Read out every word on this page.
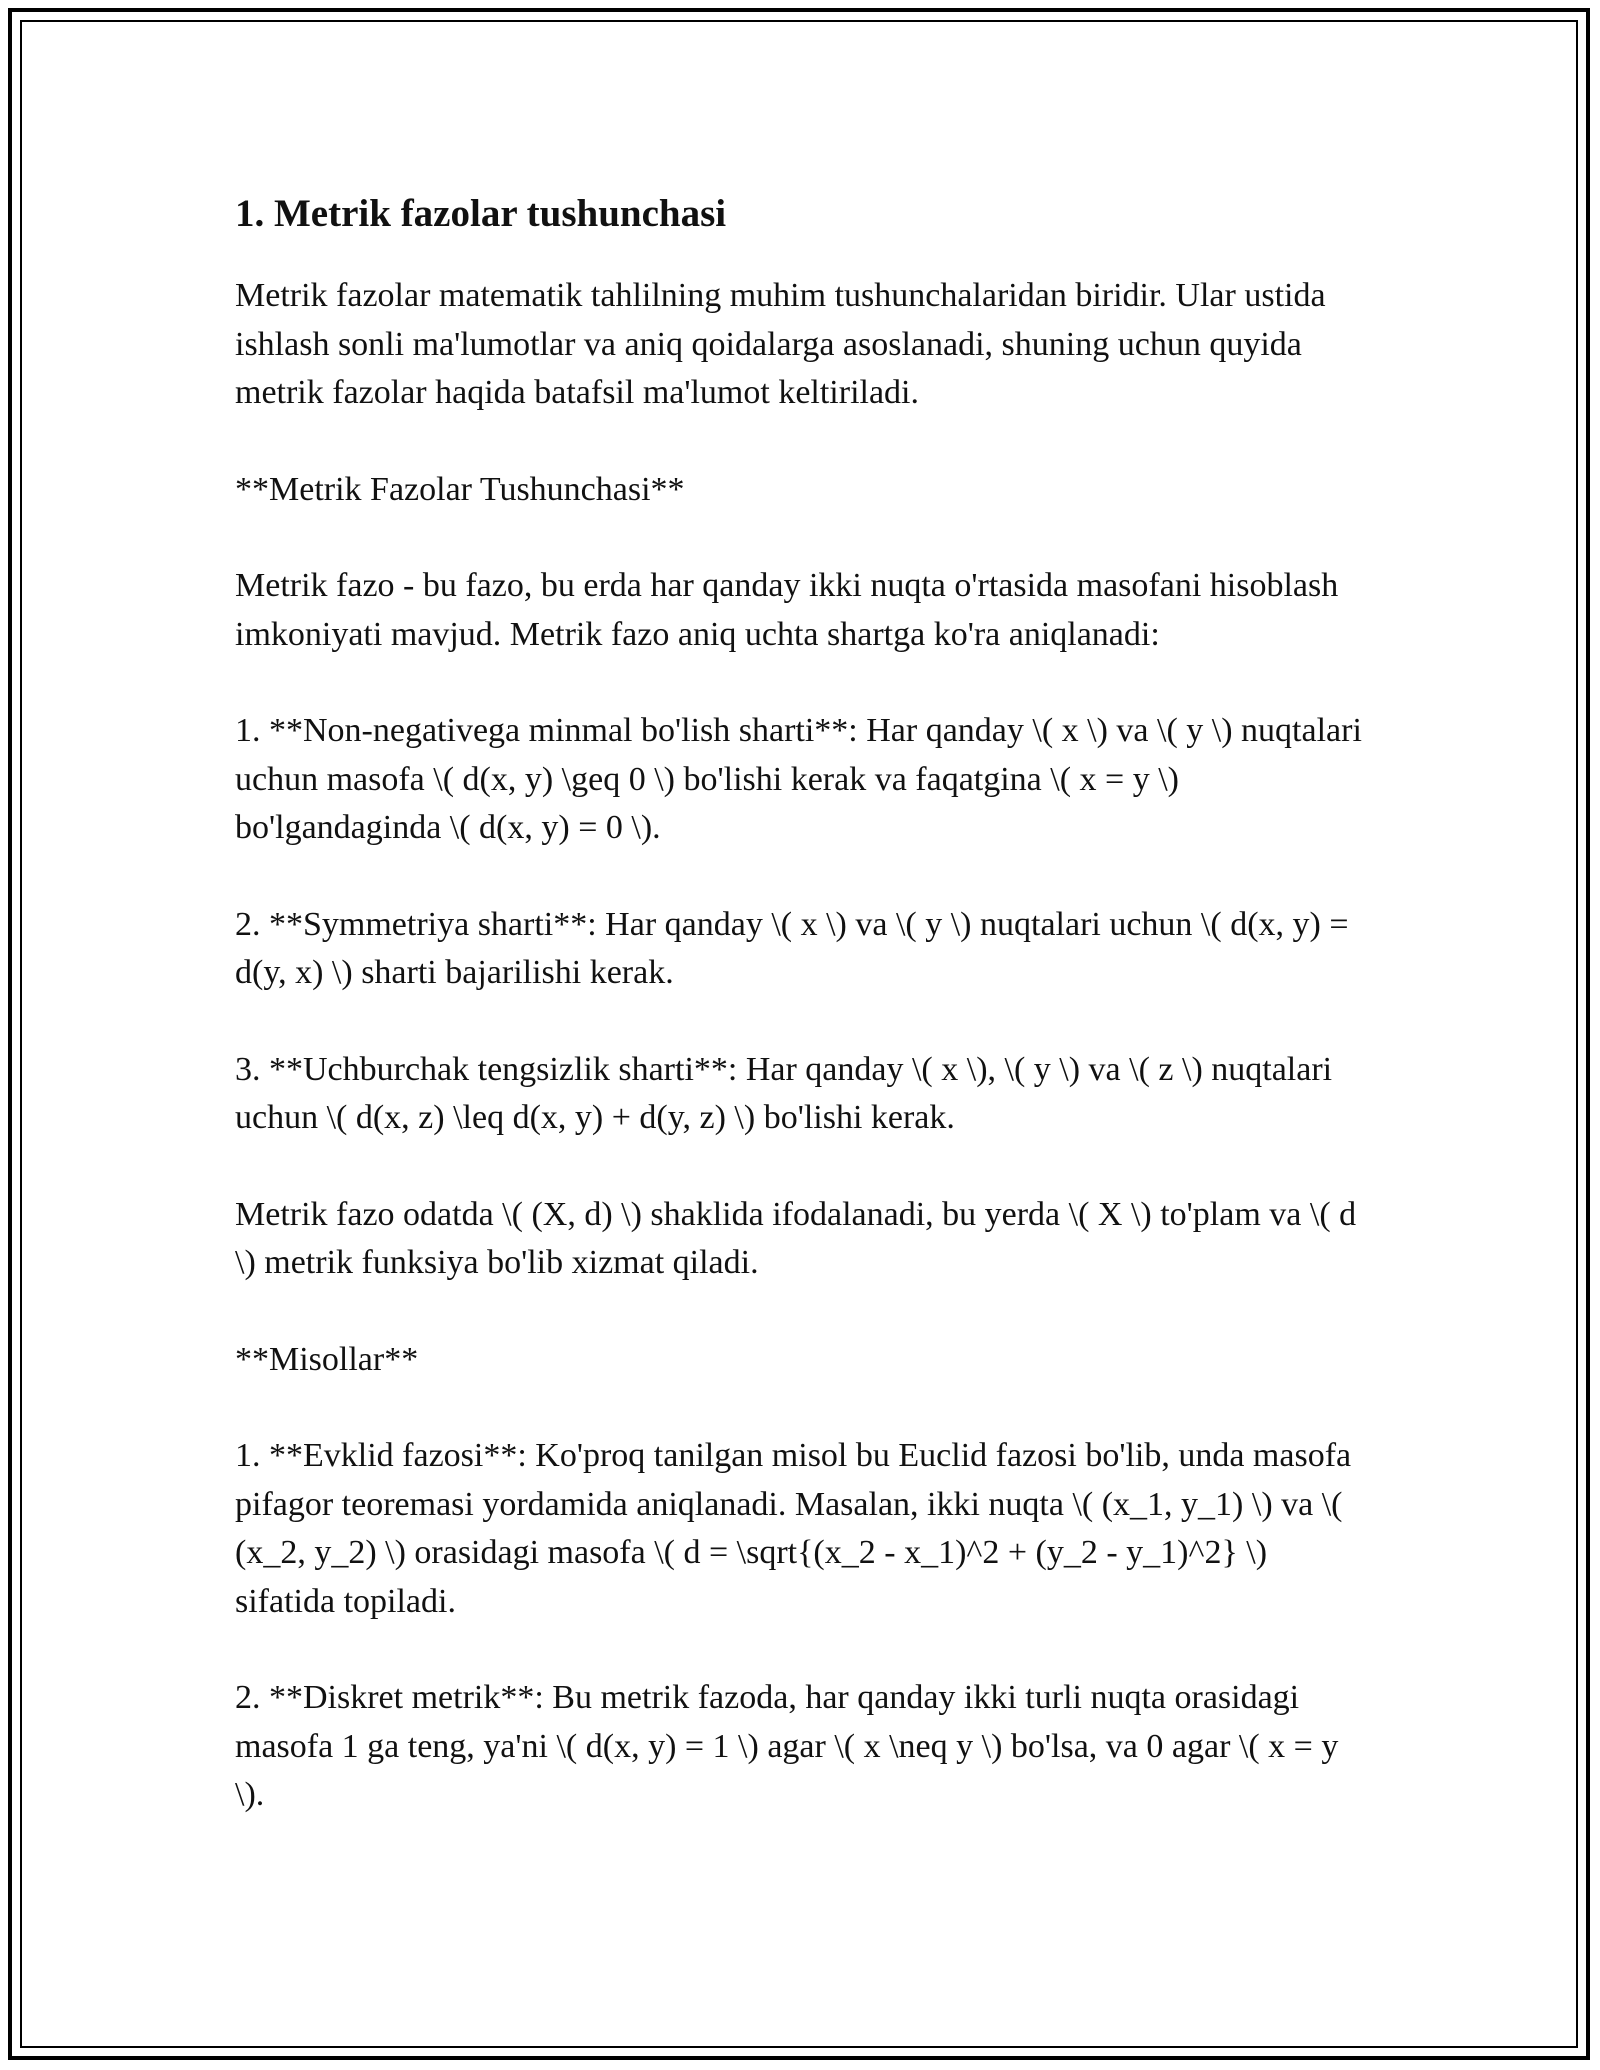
1. Metrik fazolar tushunchasi

Metrik fazolar matematik tahlilning muhim tushunchalaridan biridir. Ular ustida ishlash sonli ma'lumotlar va aniq qoidalarga asoslanadi, shuning uchun quyida metrik fazolar haqida batafsil ma'lumot keltiriladi.

**Metrik Fazolar Tushunchasi**

Metrik fazo - bu fazo, bu erda har qanday ikki nuqta o'rtasida masofani hisoblash imkoniyati mavjud. Metrik fazo aniq uchta shartga ko'ra aniqlanadi:

1. **Non-negativega minmal bo'lish sharti**: Har qanday \( x \) va \( y \) nuqtalari uchun masofa \( d(x, y) \geq 0 \) bo'lishi kerak va faqatgina \( x = y \) bo'lgandaginda \( d(x, y) = 0 \).

2. **Symmetriya sharti**: Har qanday \( x \) va \( y \) nuqtalari uchun \( d(x, y) = d(y, x) \) sharti bajarilishi kerak.

3. **Uchburchak tengsizlik sharti**: Har qanday \( x \), \( y \) va \( z \) nuqtalari uchun \( d(x, z) \leq d(x, y) + d(y, z) \) bo'lishi kerak.

Metrik fazo odatda \( (X, d) \) shaklida ifodalanadi, bu yerda \( X \) to'plam va \( d \) metrik funksiya bo'lib xizmat qiladi.

**Misollar**

1. **Evklid fazosi**: Ko'proq tanilgan misol bu Euclid fazosi bo'lib, unda masofa pifagor teoremasi yordamida aniqlanadi. Masalan, ikki nuqta \( (x_1, y_1) \) va \( (x_2, y_2) \) orasidagi masofa \( d = \sqrt{(x_2 - x_1)^2 + (y_2 - y_1)^2} \) sifatida topiladi.

2. **Diskret metrik**: Bu metrik fazoda, har qanday ikki turli nuqta orasidagi masofa 1 ga teng, ya'ni \( d(x, y) = 1 \) agar \( x \neq y \) bo'lsa, va 0 agar \( x = y \).
